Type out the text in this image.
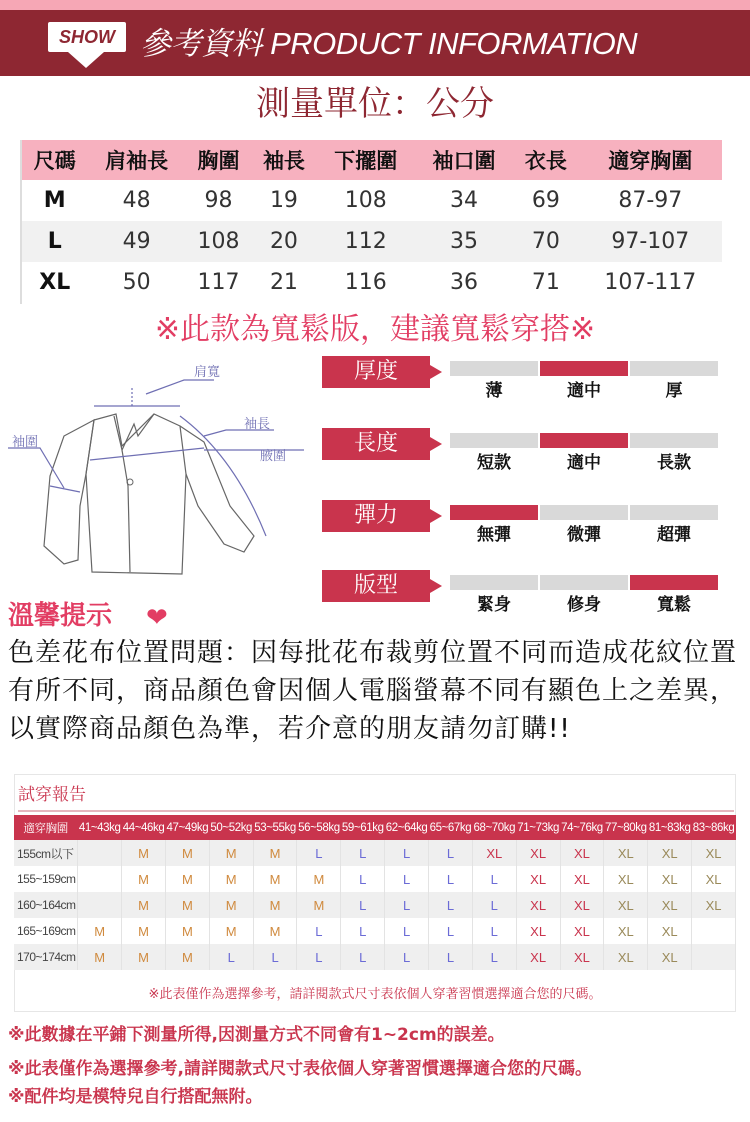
SHOW 參考資料 PRODUCT INFORMATION
測量單位：公分
尺碼	肩袖長	胸圍	袖長	下擺圍	袖口圍	衣長	適穿胸圍
M	48	98	19	108	34	69	87-97
L	49	108	20	112	35	70	97-107
XL	50	117	21	116	36	71	107-117
※此款為寬鬆版，建議寬鬆穿搭※
肩寬
袖長
腋圍
袖圍
厚度
薄	適中	厚
長度
短款	適中	長款
彈力
無彈	微彈	超彈
版型
緊身	修身	寬鬆
溫馨提示 ❤
色差花布位置問題：因每批花布裁剪位置不同而造成花紋位置有所不同，商品顏色會因個人電腦螢幕不同有顯色上之差異，以實際商品顏色為準，若介意的朋友請勿訂購!!
試穿報告
適穿胸圍	41~43kg	44~46kg	47~49kg	50~52kg	53~55kg	56~58kg	59~61kg	62~64kg	65~67kg	68~70kg	71~73kg	74~76kg	77~80kg	81~83kg	83~86kg
155cm以下		M	M	M	M	L	L	L	L	XL	XL	XL	XL	XL	XL
155~159cm		M	M	M	M	M	L	L	L	L	XL	XL	XL	XL	XL
160~164cm		M	M	M	M	M	L	L	L	L	XL	XL	XL	XL	XL
165~169cm	M	M	M	M	M	L	L	L	L	L	XL	XL	XL	XL	
170~174cm	M	M	M	L	L	L	L	L	L	L	XL	XL	XL	XL	
※此表僅作為選擇參考，請詳閱款式尺寸表依個人穿著習慣選擇適合您的尺碼。
※此數據在平鋪下測量所得,因測量方式不同會有1~2cm的誤差。
※此表僅作為選擇參考,請詳閱款式尺寸表依個人穿著習慣選擇適合您的尺碼。
※配件均是模特兒自行搭配無附。
